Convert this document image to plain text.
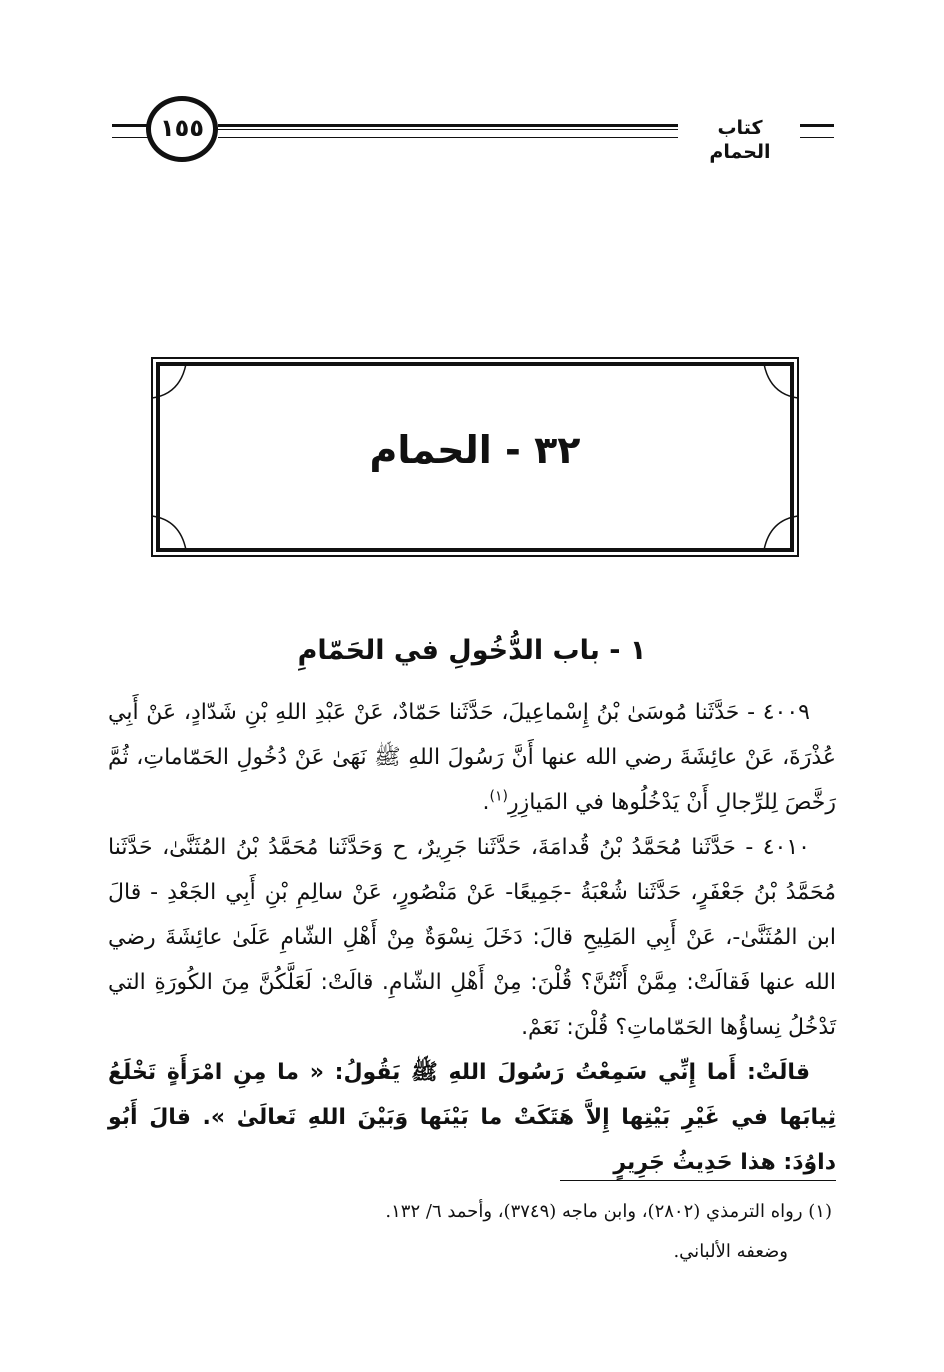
كتاب الحمام
١٥٥
٣٢ - الحمام
١ - باب الدُّخُولِ في الحَمّامِ

٤٠٠٩ - حَدَّثَنا مُوسَىٰ بْنُ إِسْماعِيلَ، حَدَّثَنا حَمّادٌ، عَنْ عَبْدِ اللهِ بْنِ شَدّادٍ، عَنْ أَبِي عُذْرَةَ، عَنْ عائِشَةَ رضي الله عنها أَنَّ رَسُولَ اللهِ ﷺ نَهَىٰ عَنْ دُخُولِ الحَمّاماتِ، ثُمَّ رَخَّصَ لِلرِّجالِ أَنْ يَدْخُلُوها في المَيازِرِ$^{(١)}$.

٤٠١٠ - حَدَّثَنا مُحَمَّدُ بْنُ قُدامَةَ، حَدَّثَنا جَرِيرٌ، ح وَحَدَّثَنا مُحَمَّدُ بْنُ المُثَنَّىٰ، حَدَّثَنا مُحَمَّدُ بْنُ جَعْفَرٍ، حَدَّثَنا شُعْبَةُ -جَمِيعًا- عَنْ مَنْصُورٍ، عَنْ سالِمِ بْنِ أَبِي الجَعْدِ - قالَ ابن المُثَنَّىٰ-، عَنْ أَبِي المَلِيحِ قالَ: دَخَلَ نِسْوَةٌ مِنْ أَهْلِ الشّامِ عَلَىٰ عائِشَةَ رضي الله عنها فَقالَتْ: مِمَّنْ أَنْتُنَّ؟ قُلْنَ: مِنْ أَهْلِ الشّامِ. قالَتْ: لَعَلَّكُنَّ مِنَ الكُورَةِ التي تَدْخُلُ نِساؤُها الحَمّاماتِ؟ قُلْنَ: نَعَمْ.

قالَتْ: أَما إِنِّي سَمِعْتُ رَسُولَ اللهِ ﷺ يَقُولُ: « ما مِنِ امْرَأَةٍ تَخْلَعُ ثِيابَها في غَيْرِ بَيْتِها إِلاَّ هَتَكَتْ ما بَيْنَها وَبَيْنَ اللهِ تَعالَىٰ ». قالَ أَبُو داوُدَ: هذا حَدِيثُ جَرِيرٍ

(١) رواه الترمذي (٢٨٠٢)، وابن ماجه (٣٧٤٩)، وأحمد ٦/ ١٣٢.

وضعفه الألباني.
